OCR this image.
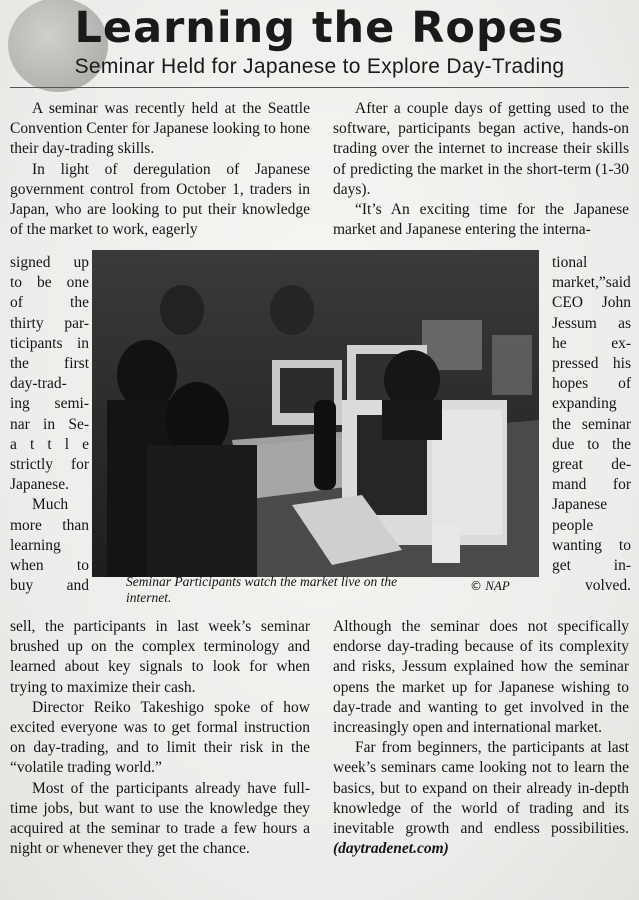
Learning the Ropes
Seminar Held for Japanese to Explore Day-Trading

A seminar was recently held at the Seattle Convention Center for Japanese looking to hone their day-trading skills.

In light of deregulation of Japanese government control from October 1, traders in Japan, who are looking to put their knowledge of the market to work, eagerly

signed up

to be one

of the

thirty par-

ticipants in

the first

day-trad-

ing semi-

nar in Se-

a t t l e

strictly for

Japanese.

Much

more than

learning

when to

buy and

sell, the participants in last week’s seminar brushed up on the complex terminology and learned about key signals to look for when trying to maximize their cash.

Director Reiko Takeshigo spoke of how excited everyone was to get formal instruction on day-trading, and to limit their risk in the “volatile trading world.”

Most of the participants already have full-time jobs, but want to use the knowledge they acquired at the seminar to trade a few hours a night or whenever they get the chance.

After a couple days of getting used to the software, participants began active, hands-on trading over the internet to increase their skills of predicting the market in the short-term (1-30 days).

“It’s An exciting time for the Japanese market and Japanese entering the interna-

tional

market,”said

CEO John

Jessum as

he ex-

pressed his

hopes of

expanding

the seminar

due to the

great de-

mand for

Japanese

people

wanting to

get in-

volved.

Although the seminar does not specifically endorse day-trading because of its complexity and risks, Jessum explained how the seminar opens the market up for Japanese wishing to day-trade and wanting to get involved in the increasingly open and international market.

Far from beginners, the participants at last week’s seminars came looking not to learn the basics, but to expand on their already in-depth knowledge of the world of trading and its inevitable growth and endless possibilities. (daytradenet.com)

Seminar Participants watch the market live on the internet.
© NAP
